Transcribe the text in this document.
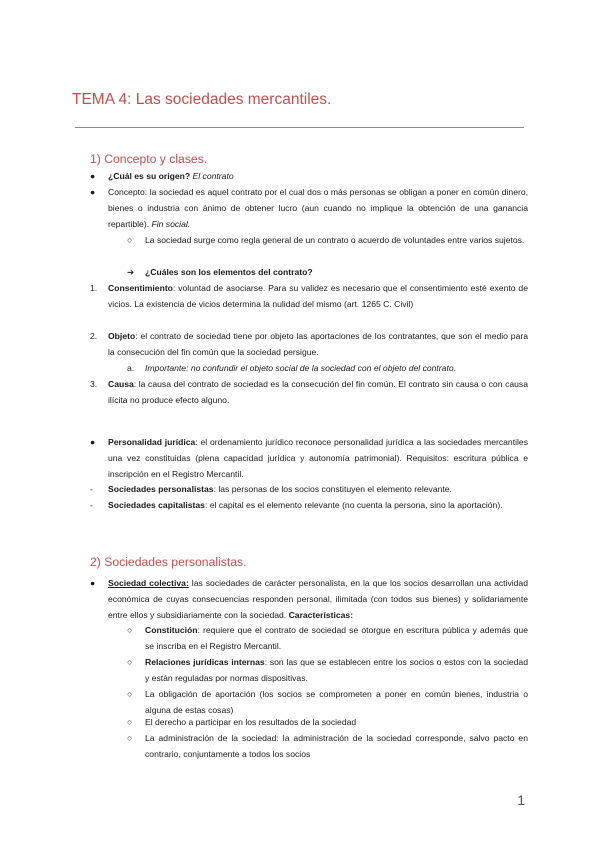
TEMA 4: Las sociedades mercantiles.
1) Concepto y clases.
● ¿Cuál es su origen? El contrato

● Concepto: la sociedad es aquel contrato por el cual dos o más personas se obligan a poner en común dinero, bienes o industria con ánimo de obtener lucro (aun cuando no implique la obtención de una ganancia repartible). Fin social.

○ La sociedad surge como regla general de un contrato o acuerdo de voluntades entre varios sujetos.

➔ ¿Cuáles son los elementos del contrato?

1. Consentimiento: voluntad de asociarse. Para su validez es necesario que el consentimiento esté exento de vicios. La existencia de vicios determina la nulidad del mismo (art. 1265 C. Civil)

2. Objeto: el contrato de sociedad tiene por objeto las aportaciones de los contratantes, que son el medio para la consecución del fin común que la sociedad persigue.

a. Importante: no confundir el objeto social de la sociedad con el objeto del contrato.

3. Causa: la causa del contrato de sociedad es la consecución del fin común. El contrato sin causa o con causa ilícita no produce efecto alguno.

● Personalidad jurídica: el ordenamiento jurídico reconoce personalidad jurídica a las sociedades mercantiles una vez constituidas (plena capacidad jurídica y autonomía patrimonial). Requisitos: escritura pública e inscripción en el Registro Mercantil.

- Sociedades personalistas: las personas de los socios constituyen el elemento relevante.

- Sociedades capitalistas: el capital es el elemento relevante (no cuenta la persona, sino la aportación).

2) Sociedades personalistas.
● Sociedad colectiva: las sociedades de carácter personalista, en la que los socios desarrollan una actividad económica de cuyas consecuencias responden personal, ilimitada (con todos sus bienes) y solidariamente entre ellos y subsidiariamente con la sociedad. Características:

○ Constitución: requiere que el contrato de sociedad se otorgue en escritura pública y además que se inscriba en el Registro Mercantil.

○ Relaciones jurídicas internas: son las que se establecen entre los socios o estos con la sociedad y están reguladas por normas dispositivas.

○ La obligación de aportación (los socios se comprometen a poner en común bienes, industria o alguna de estas cosas)

○ El derecho a participar en los resultados de la sociedad

○ La administración de la sociedad: la administración de la sociedad corresponde, salvo pacto en contrario, conjuntamente a todos los socios

1
